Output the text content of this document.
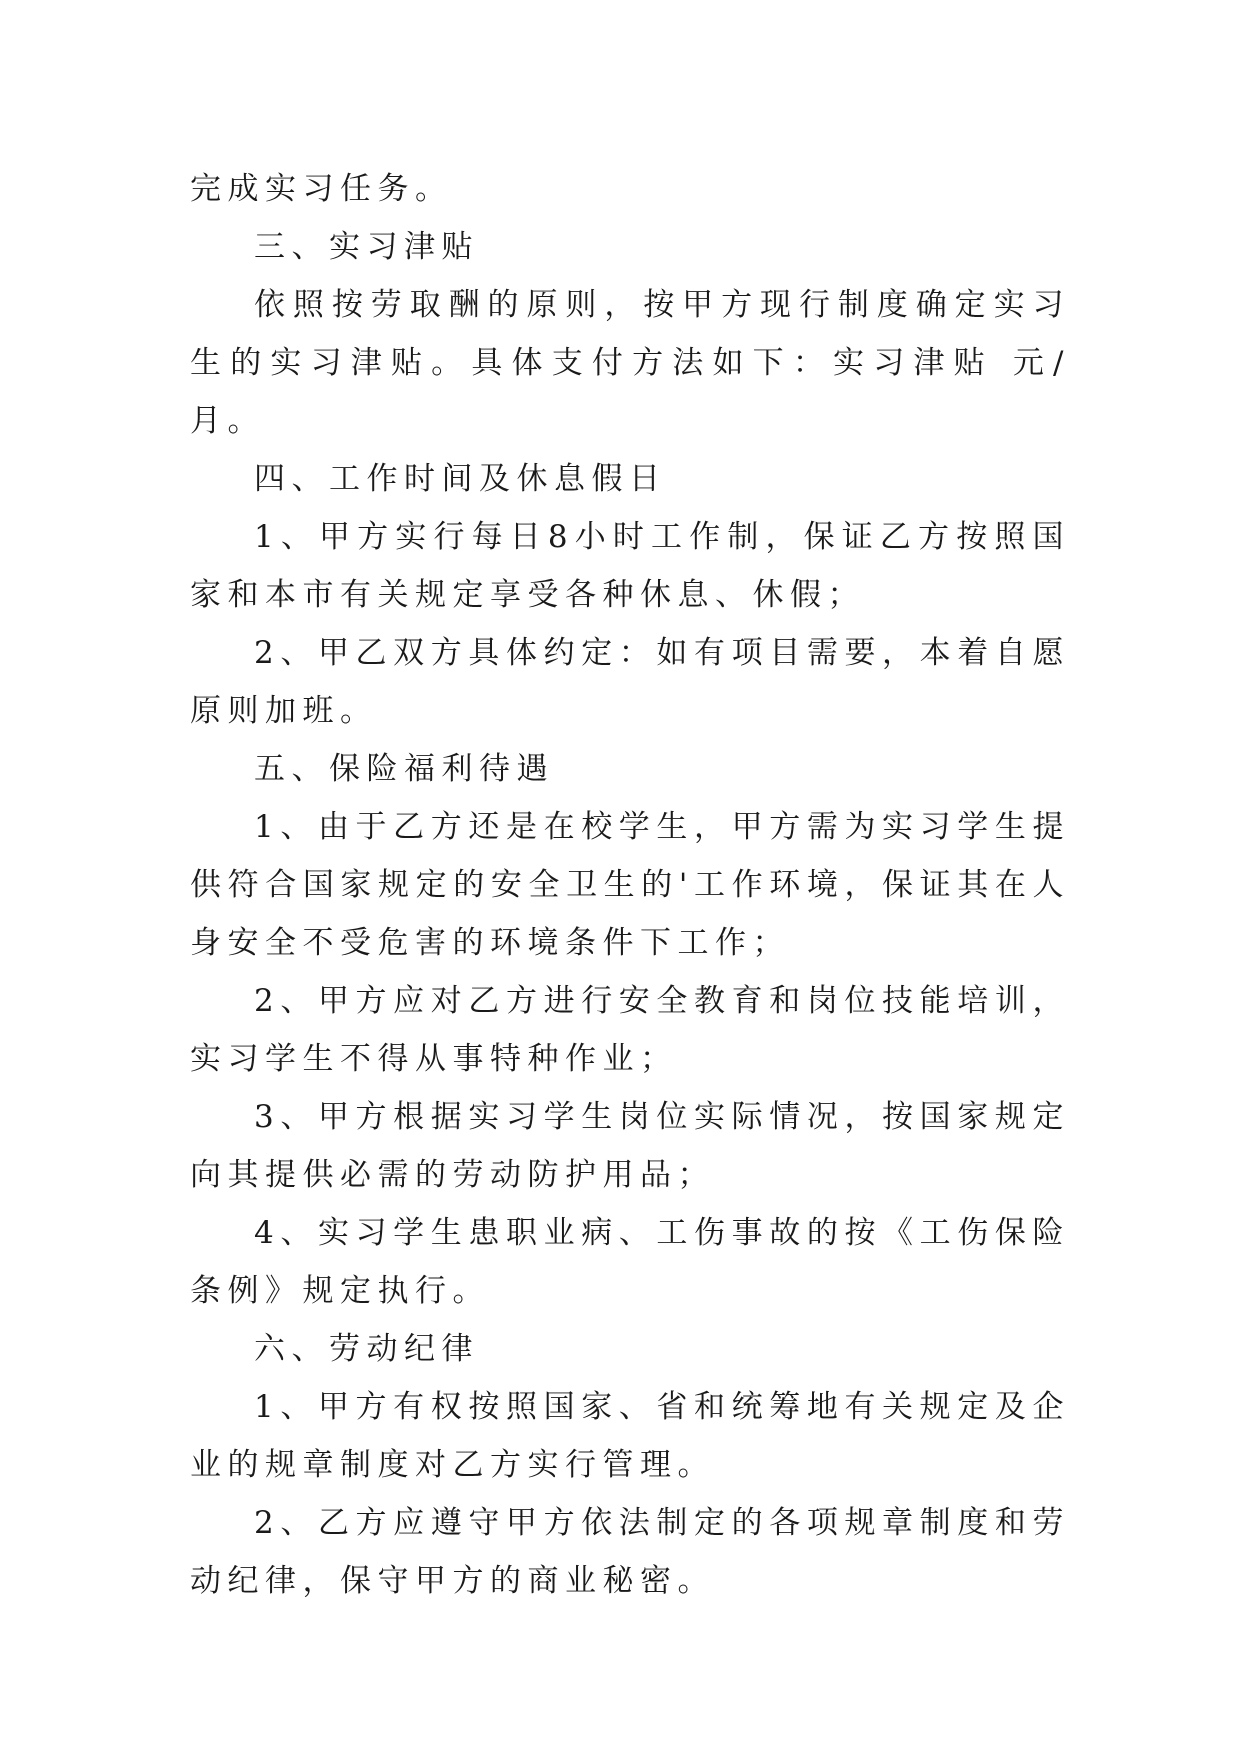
完成实习任务。

三、实习津贴

依照按劳取酬的原则，按甲方现行制度确定实习生的实习津贴。具体支付方法如下：实习津贴 元/月。

四、工作时间及休息假日

1、甲方实行每日8小时工作制，保证乙方按照国家和本市有关规定享受各种休息、休假；

2、甲乙双方具体约定：如有项目需要，本着自愿原则加班。

五、保险福利待遇

1、由于乙方还是在校学生，甲方需为实习学生提供符合国家规定的安全卫生的'工作环境，保证其在人身安全不受危害的环境条件下工作；

2、甲方应对乙方进行安全教育和岗位技能培训，实习学生不得从事特种作业；

3、甲方根据实习学生岗位实际情况，按国家规定向其提供必需的劳动防护用品；

4、实习学生患职业病、工伤事故的按《工伤保险条例》规定执行。

六、劳动纪律

1、甲方有权按照国家、省和统筹地有关规定及企业的规章制度对乙方实行管理。

2、乙方应遵守甲方依法制定的各项规章制度和劳动纪律，保守甲方的商业秘密。
